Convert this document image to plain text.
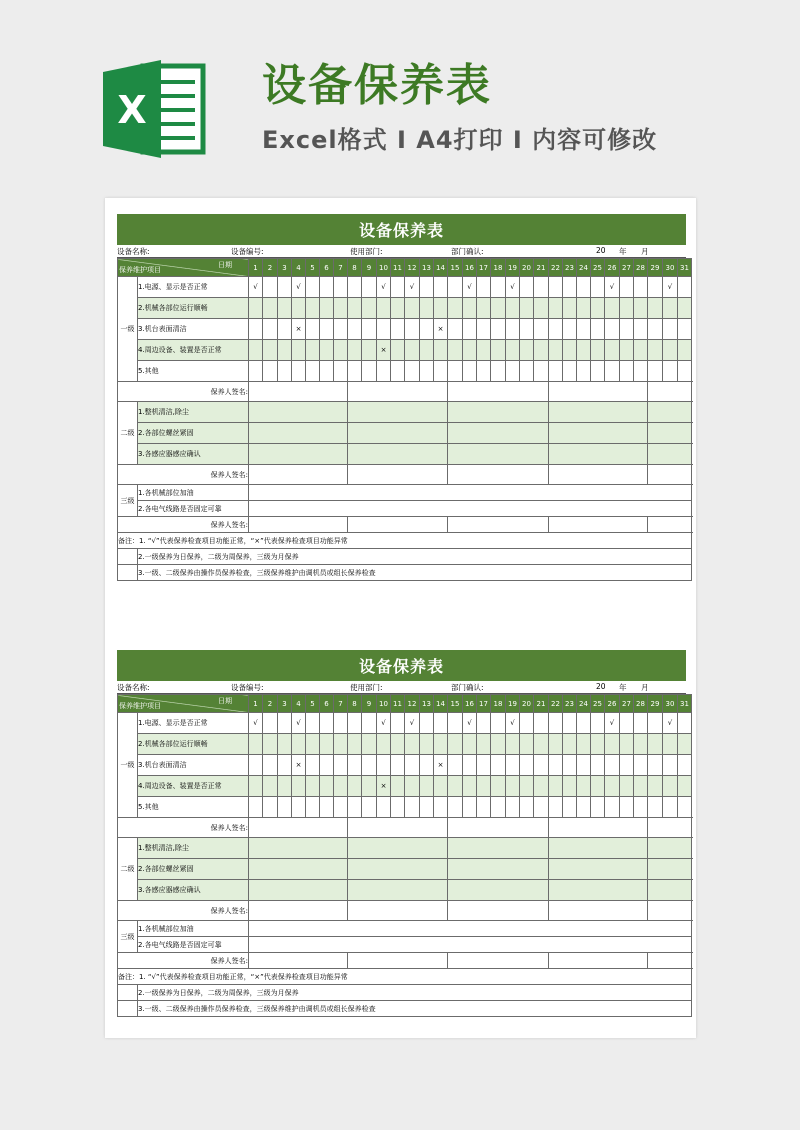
X	设备保养表
Excel格式 I A4打印 I 内容可修改
设备保养表
设备名称:	设备编号:	使用部门:	部门确认:	20 年 月
日期
保养维护项目		1	2	3	4	5	6	7	8	9	10	11	12	13	14	15	16	17	18	19	20	21	22	23	24	25	26	27	28	29	30	31	
一级	1.电源、显示是否正常	√			√						√		√				√			√							√				√		
	2.机械各部位运行顺畅																																
	3.机台表面清洁				×										×																		
	4.周边设备、装置是否正常										×																						
	5.其他																																
保养人签名:																																	
二级	1.整机清洁,除尘																																
	2.各部位螺丝紧固																																
	3.各感应器感应确认																																
保养人签名:																																	
三级	1.各机械部位加油																																
	2.各电气线路是否固定可靠																																
保养人签名:																																	
备注：1. “√”代表保养检查项目功能正常，“×”代表保养检查项目功能异常																																	
	2.一级保养为日保养，二级为周保养，三级为月保养																																
	3.一级、二级保养由操作员保养检查，三级保养维护由调机员或组长保养检查																																
设备保养表
设备名称:	设备编号:	使用部门:	部门确认:	20 年 月
日期
保养维护项目		1	2	3	4	5	6	7	8	9	10	11	12	13	14	15	16	17	18	19	20	21	22	23	24	25	26	27	28	29	30	31	
一级	1.电源、显示是否正常	√			√						√		√				√			√							√				√		
	2.机械各部位运行顺畅																																
	3.机台表面清洁				×										×																		
	4.周边设备、装置是否正常										×																						
	5.其他																																
保养人签名:																																	
二级	1.整机清洁,除尘																																
	2.各部位螺丝紧固																																
	3.各感应器感应确认																																
保养人签名:																																	
三级	1.各机械部位加油																																
	2.各电气线路是否固定可靠																																
保养人签名:																																	
备注：1. “√”代表保养检查项目功能正常，“×”代表保养检查项目功能异常																																	
	2.一级保养为日保养，二级为周保养，三级为月保养																																
	3.一级、二级保养由操作员保养检查，三级保养维护由调机员或组长保养检查																																
